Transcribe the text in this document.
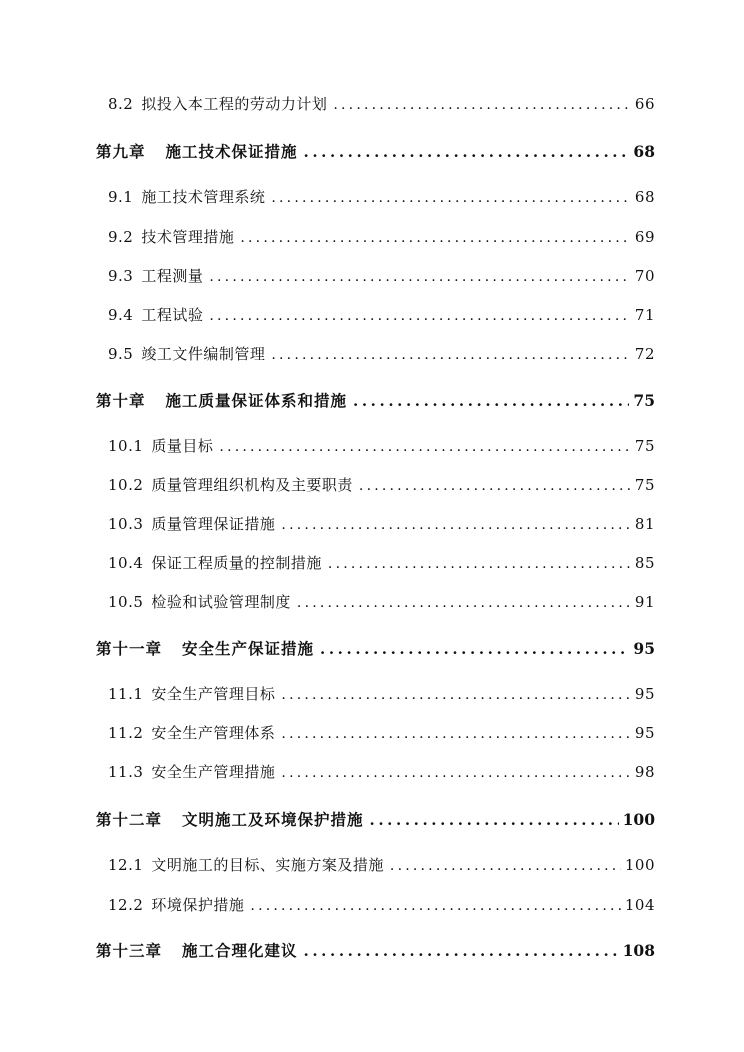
8.2 拟投入本工程的劳动力计划 .....	66
第九章 施工技术保证措施 .....	68
9.1 施工技术管理系统 .....	68
9.2 技术管理措施 .....	69
9.3 工程测量 .....	70
9.4 工程试验 .....	71
9.5 竣工文件编制管理 .....	72
第十章 施工质量保证体系和措施 .....	75
10.1 质量目标 .....	75
10.2 质量管理组织机构及主要职责 .....	75
10.3 质量管理保证措施 .....	81
10.4 保证工程质量的控制措施 .....	85
10.5 检验和试验管理制度 .....	91
第十一章 安全生产保证措施 .....	95
11.1 安全生产管理目标 .....	95
11.2 安全生产管理体系 .....	95
11.3 安全生产管理措施 .....	98
第十二章 文明施工及环境保护措施 .....	100
12.1 文明施工的目标、实施方案及措施 .....	100
12.2 环境保护措施 .....	104
第十三章 施工合理化建议 .....	108
